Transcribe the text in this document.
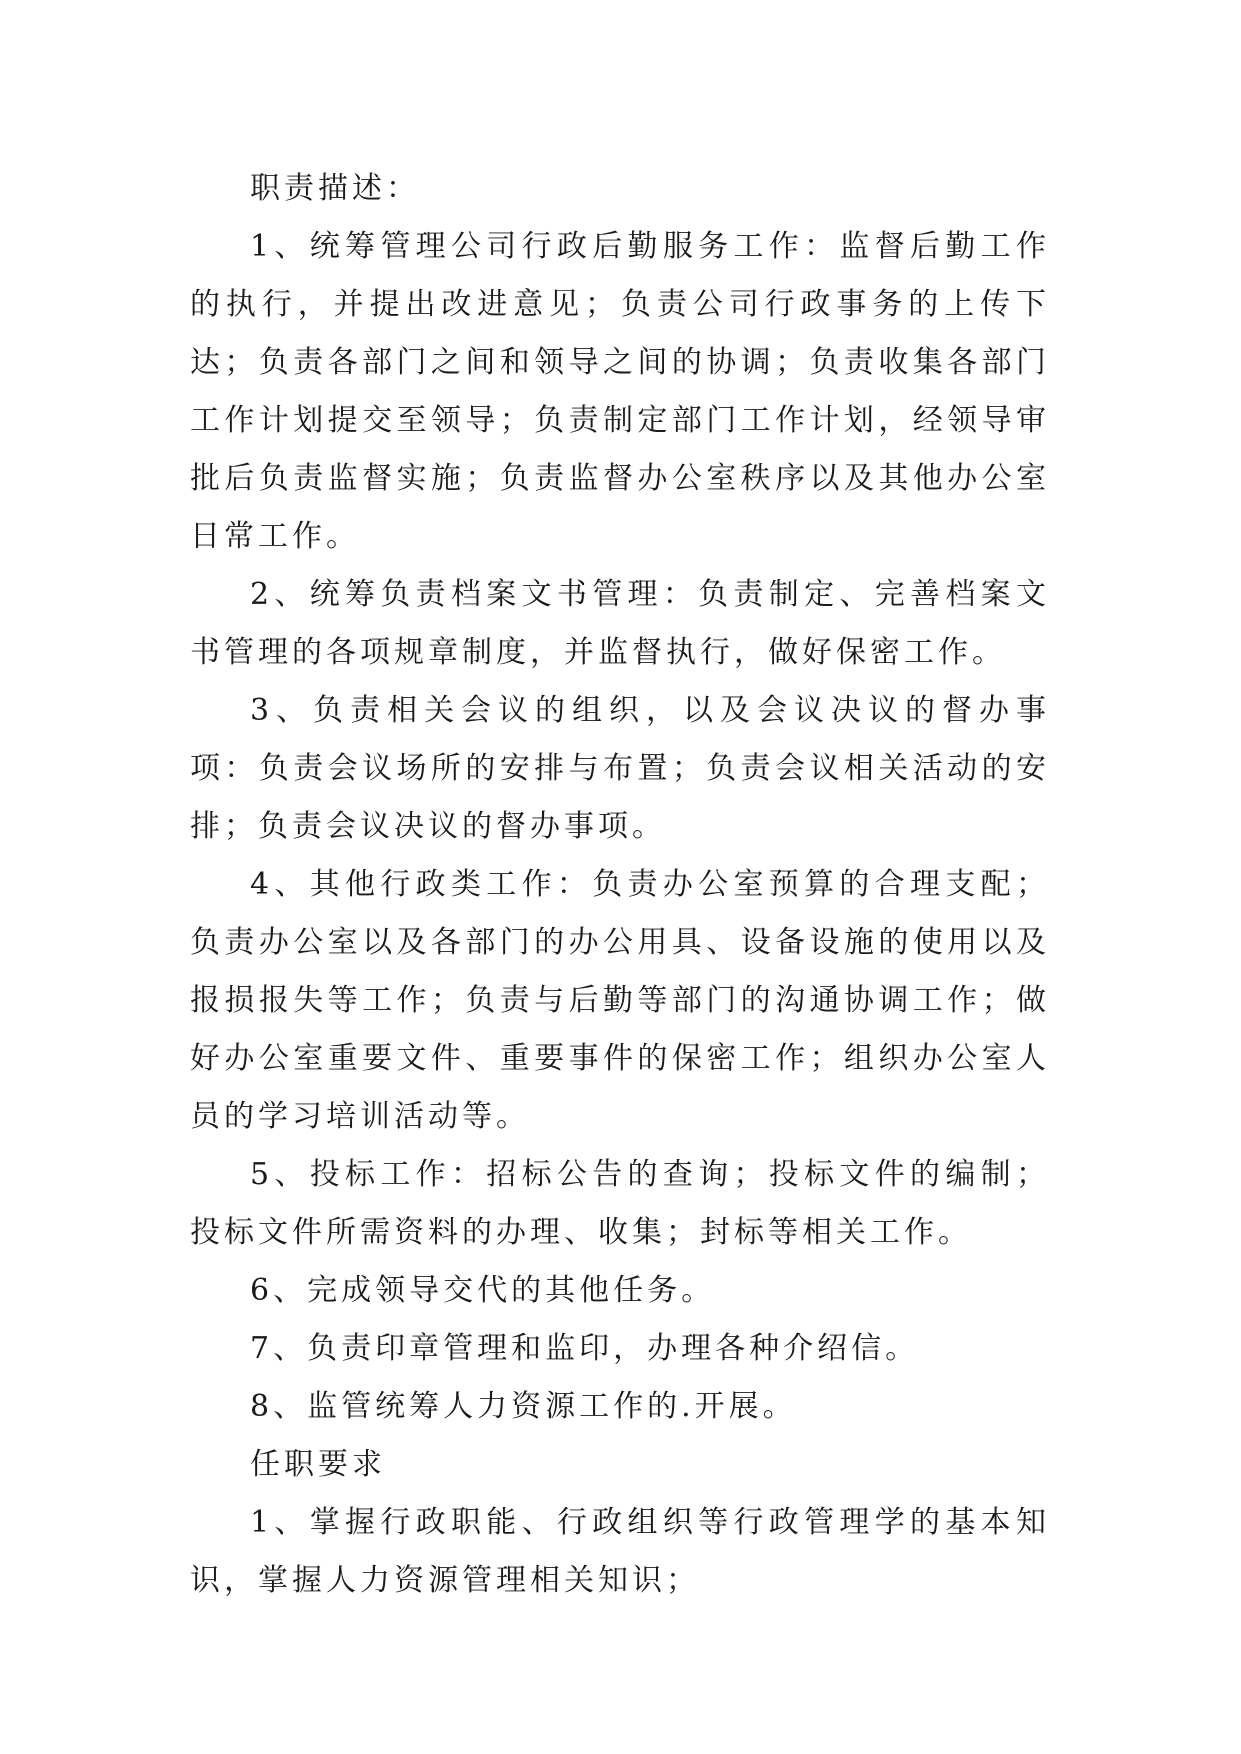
职责描述：

1、统筹管理公司行政后勤服务工作：监督后勤工作的执行，并提出改进意见；负责公司行政事务的上传下达；负责各部门之间和领导之间的协调；负责收集各部门工作计划提交至领导；负责制定部门工作计划，经领导审批后负责监督实施；负责监督办公室秩序以及其他办公室日常工作。

2、统筹负责档案文书管理：负责制定、完善档案文书管理的各项规章制度，并监督执行，做好保密工作。

3、负责相关会议的组织，以及会议决议的督办事项：负责会议场所的安排与布置；负责会议相关活动的安排；负责会议决议的督办事项。

4、其他行政类工作：负责办公室预算的合理支配；负责办公室以及各部门的办公用具、设备设施的使用以及报损报失等工作；负责与后勤等部门的沟通协调工作；做好办公室重要文件、重要事件的保密工作；组织办公室人员的学习培训活动等。

5、投标工作：招标公告的查询；投标文件的编制；投标文件所需资料的办理、收集；封标等相关工作。

6、完成领导交代的其他任务。

7、负责印章管理和监印，办理各种介绍信。

8、监管统筹人力资源工作的.开展。

任职要求

1、掌握行政职能、行政组织等行政管理学的基本知识，掌握人力资源管理相关知识；
